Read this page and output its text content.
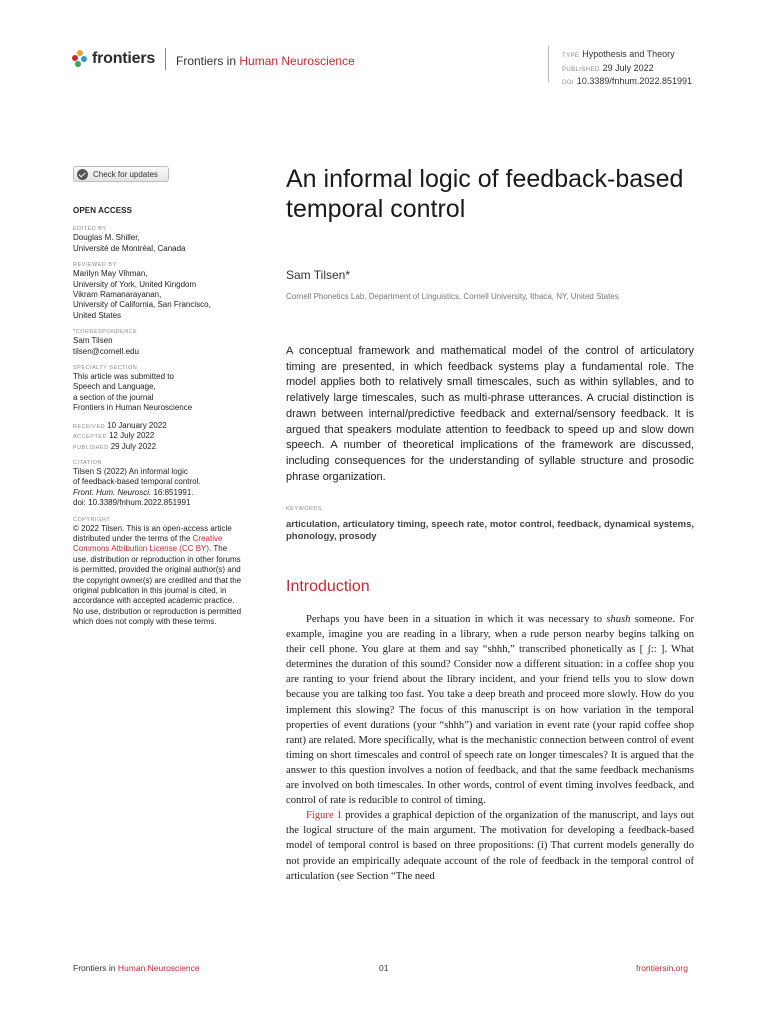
frontiers Frontiers in Human Neuroscience	TYPE Hypothesis and Theory
PUBLISHED 29 July 2022
DOI 10.3389/fnhum.2022.851991
Check for updates
OPEN ACCESS
EDITED BY
Douglas M. Shiller,
Université de Montréal, Canada
REVIEWED BY
Marilyn May Vihman,
University of York, United Kingdom
Vikram Ramanarayanan,
University of California, San Francisco,
United States
*CORRESPONDENCE
Sam Tilsen
tilsen@cornell.edu
SPECIALTY SECTION
This article was submitted to
Speech and Language,
a section of the journal
Frontiers in Human Neuroscience
RECEIVED 10 January 2022
ACCEPTED 12 July 2022
PUBLISHED 29 July 2022
CITATION
Tilsen S (2022) An informal logic
of feedback-based temporal control.
Front. Hum. Neurosci. 16:851991.
doi: 10.3389/fnhum.2022.851991
COPYRIGHT
© 2022 Tilsen. This is an open-access article distributed under the terms of the Creative Commons Attribution License (CC BY). The use, distribution or reproduction in other forums is permitted, provided the original author(s) and the copyright owner(s) are credited and that the original publication in this journal is cited, in accordance with accepted academic practice. No use, distribution or reproduction is permitted which does not comply with these terms.
An informal logic of feedback-based temporal control
Sam Tilsen*
Cornell Phonetics Lab, Department of Linguistics, Cornell University, Ithaca, NY, United States
A conceptual framework and mathematical model of the control of articulatory timing are presented, in which feedback systems play a fundamental role. The model applies both to relatively small timescales, such as within syllables, and to relatively large timescales, such as multi-phrase utterances. A crucial distinction is drawn between internal/predictive feedback and external/sensory feedback. It is argued that speakers modulate attention to feedback to speed up and slow down speech. A number of theoretical implications of the framework are discussed, including consequences for the understanding of syllable structure and prosodic phrase organization.
KEYWORDS
articulation, articulatory timing, speech rate, motor control, feedback, dynamical systems, phonology, prosody
Introduction

Perhaps you have been in a situation in which it was necessary to shush someone. For example, imagine you are reading in a library, when a rude person nearby begins talking on their cell phone. You glare at them and say “shhh,” transcribed phonetically as [ ʃ:: ]. What determines the duration of this sound? Consider now a different situation: in a coffee shop you are ranting to your friend about the library incident, and your friend tells you to slow down because you are talking too fast. You take a deep breath and proceed more slowly. How do you implement this slowing? The focus of this manuscript is on how variation in the temporal properties of event durations (your “shhh”) and variation in event rate (your rapid coffee shop rant) are related. More specifically, what is the mechanistic connection between control of event timing on short timescales and control of speech rate on longer timescales? It is argued that the answer to this question involves a notion of feedback, and that the same feedback mechanisms are involved on both timescales. In other words, control of event timing involves feedback, and control of rate is reducible to control of timing.

Figure 1 provides a graphical depiction of the organization of the manuscript, and lays out the logical structure of the main argument. The motivation for developing a feedback-based model of temporal control is based on three propositions: (i) That current models generally do not provide an empirically adequate account of the role of feedback in the temporal control of articulation (see Section “The need

Frontiers in Human Neuroscience	01	frontiersin.org
